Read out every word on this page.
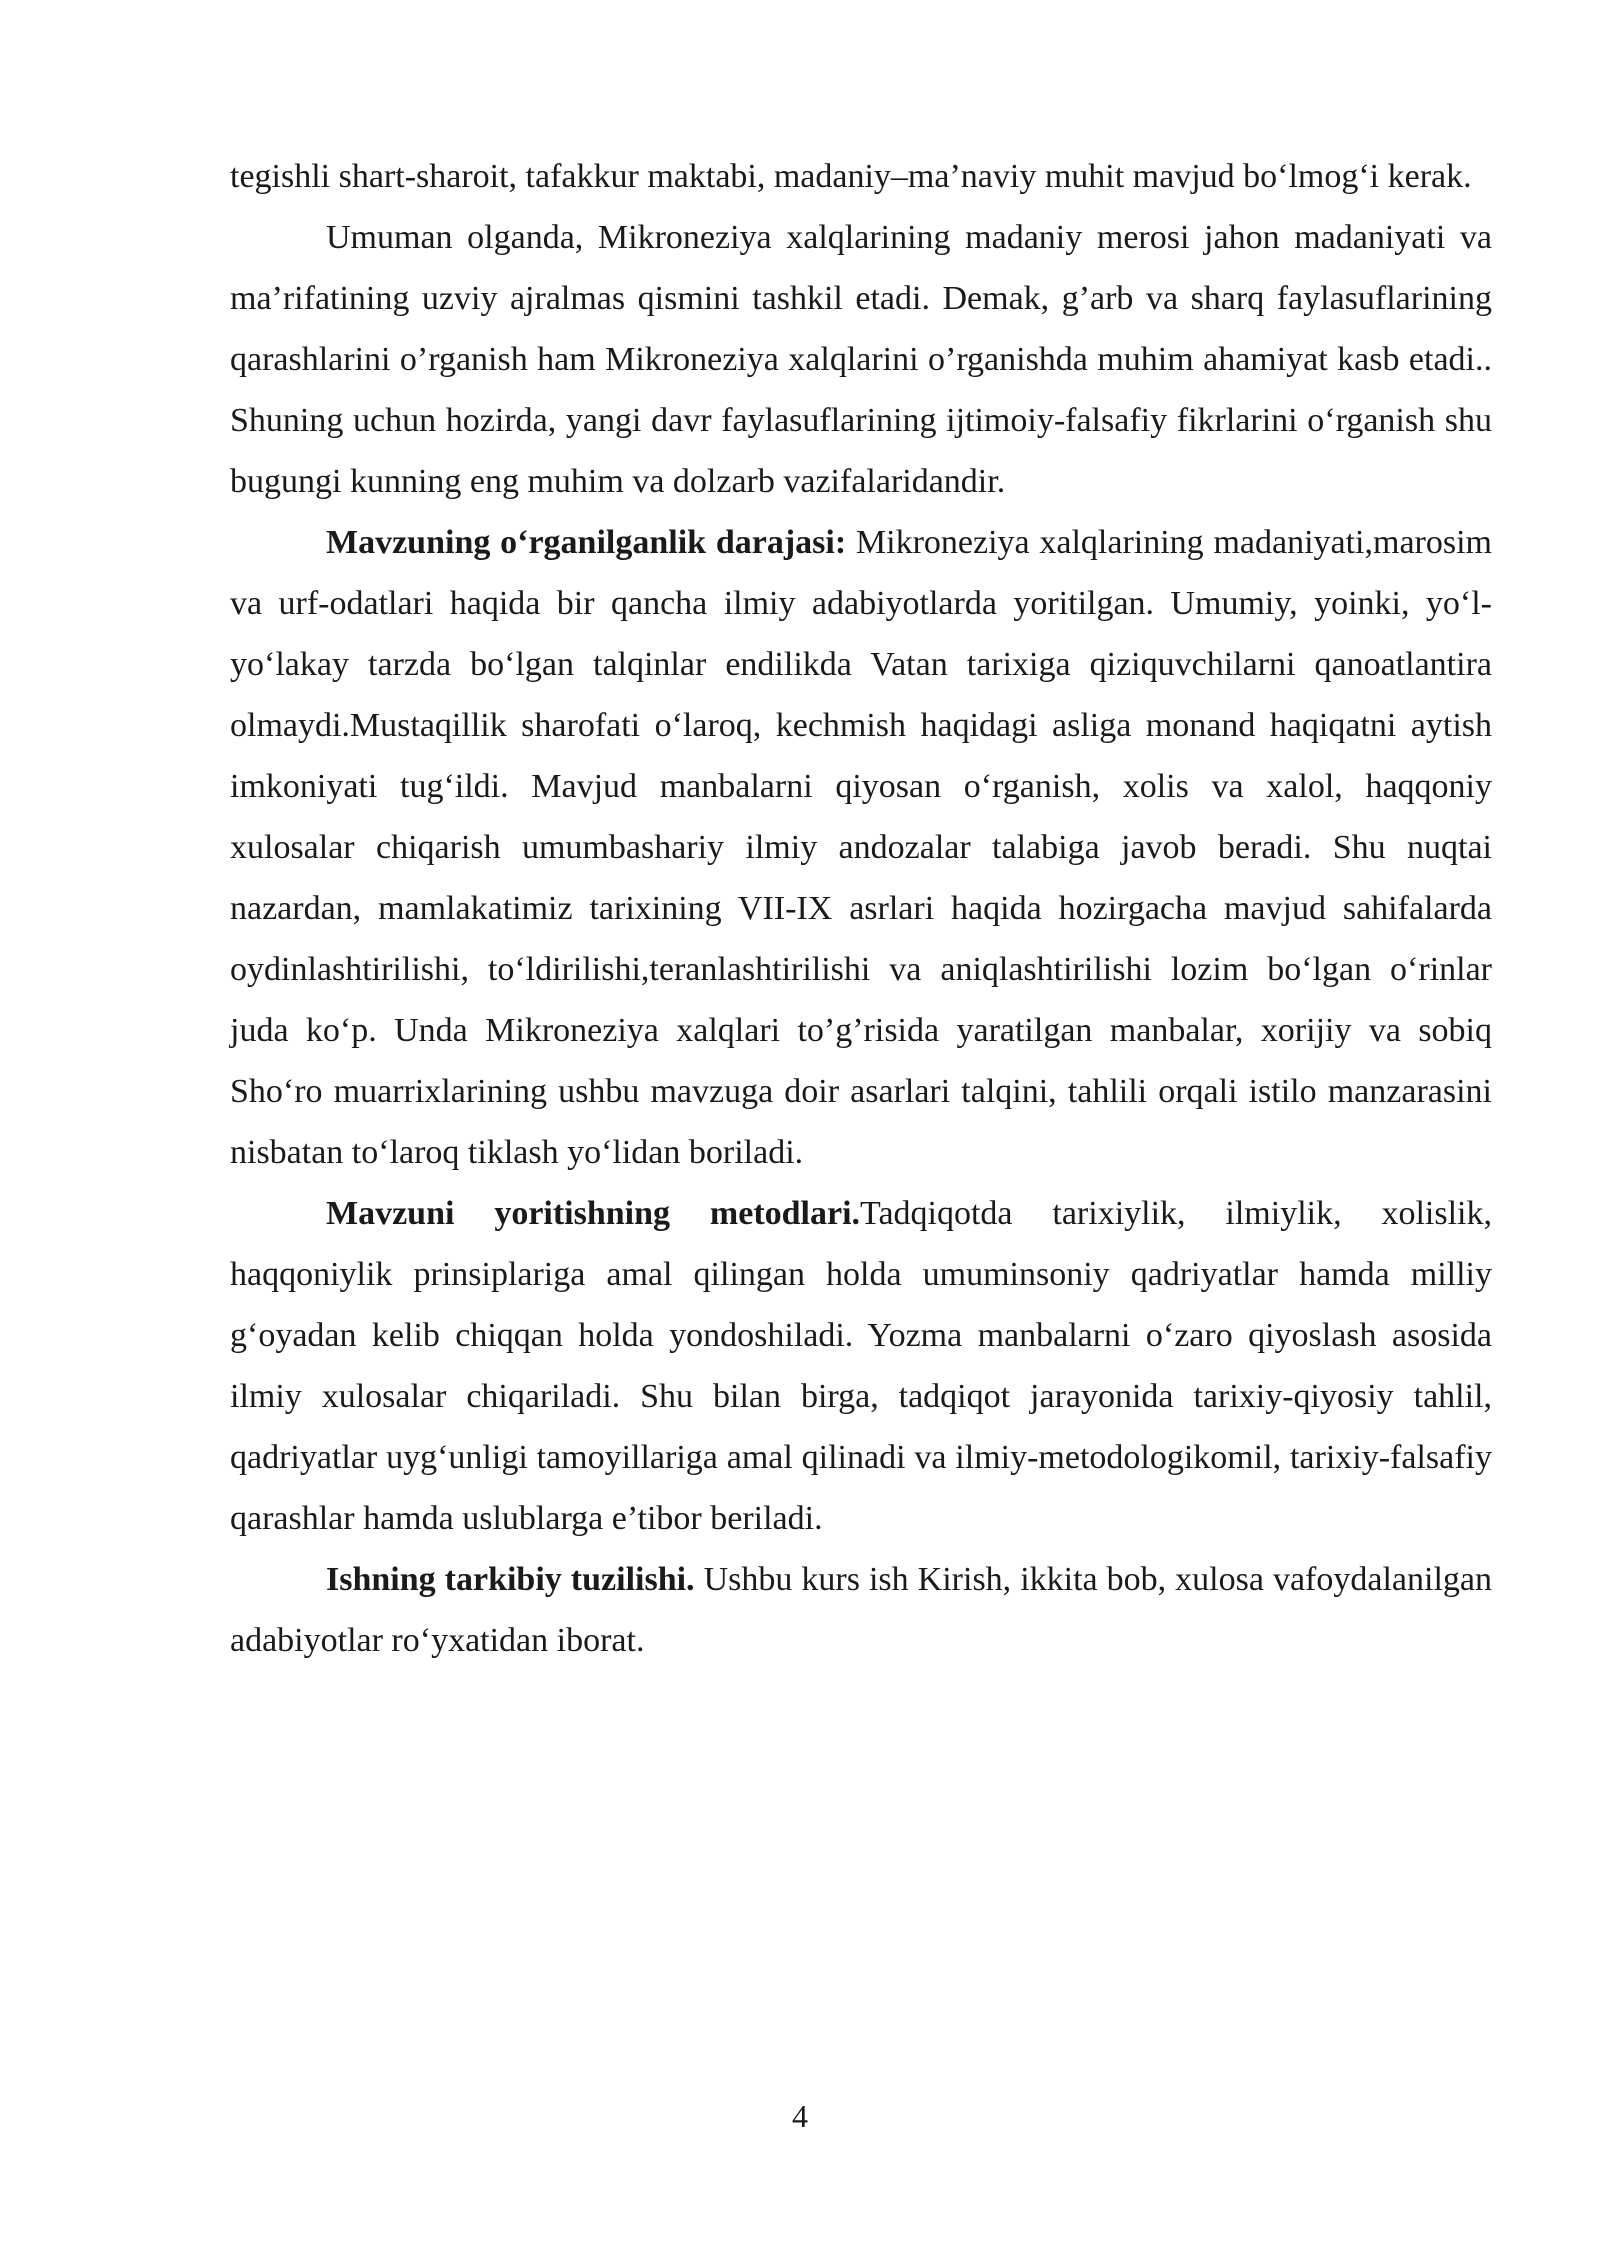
tegishli shart-sharoit, tafakkur maktabi, madaniy–ma’naviy muhit mavjud bo‘lmog‘i kerak.

Umuman olganda, Mikroneziya xalqlarining madaniy merosi jahon madaniyati va ma’rifatining uzviy ajralmas qismini tashkil etadi. Demak, g’arb va sharq faylasuflarining qarashlarini o’rganish ham Mikroneziya xalqlarini o’rganishda muhim ahamiyat kasb etadi.. Shuning uchun hozirda, yangi davr faylasuflarining ijtimoiy-falsafiy fikrlarini o‘rganish shu bugungi kunning eng muhim va dolzarb vazifalaridandir.

Mavzuning o‘rganilganlik darajasi: Mikroneziya xalqlarining madaniyati,marosim va urf-odatlari haqida bir qancha ilmiy adabiyotlarda yoritilgan. Umumiy, yoinki, yo‘l-yo‘lakay tarzda bo‘lgan talqinlar endilikda Vatan tarixiga qiziquvchilarni qanoatlantira olmaydi.Mustaqillik sharofati o‘laroq, kechmish haqidagi asliga monand haqiqatni aytish imkoniyati tug‘ildi. Mavjud manbalarni qiyosan o‘rganish, xolis va xalol, haqqoniy xulosalar chiqarish umumbashariy ilmiy andozalar talabiga javob beradi. Shu nuqtai nazardan, mamlakatimiz tarixining VII-IX asrlari haqida hozirgacha mavjud sahifalarda oydinlashtirilishi, to‘ldirilishi,teranlashtirilishi va aniqlashtirilishi lozim bo‘lgan o‘rinlar juda ko‘p. Unda Mikroneziya xalqlari to’g’risida yaratilgan manbalar, xorijiy va sobiq Sho‘ro muarrixlarining ushbu mavzuga doir asarlari talqini, tahlili orqali istilo manzarasini nisbatan to‘laroq tiklash yo‘lidan boriladi.

Mavzuni yoritishning metodlari.Tadqiqotda tarixiylik, ilmiylik, xolislik, haqqoniylik prinsiplariga amal qilingan holda umuminsoniy qadriyatlar hamda milliy g‘oyadan kelib chiqqan holda yondoshiladi. Yozma manbalarni o‘zaro qiyoslash asosida ilmiy xulosalar chiqariladi. Shu bilan birga, tadqiqot jarayonida tarixiy-qiyosiy tahlil, qadriyatlar uyg‘unligi tamoyillariga amal qilinadi va ilmiy-metodologikomil, tarixiy-falsafiy qarashlar hamda uslublarga e’tibor beriladi.

Ishning tarkibiy tuzilishi. Ushbu kurs ish Kirish, ikkita bob, xulosa vafoydalanilgan adabiyotlar ro‘yxatidan iborat.

4
